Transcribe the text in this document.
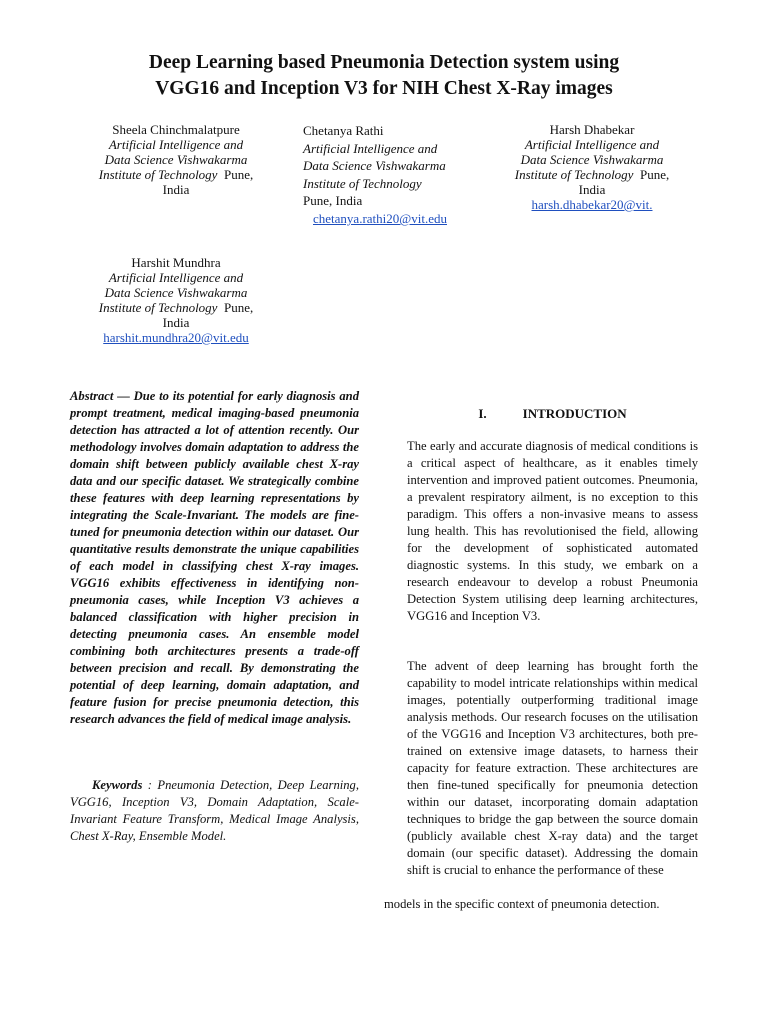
Deep Learning based Pneumonia Detection system using
VGG16 and Inception V3 for NIH Chest X-Ray images
Sheela Chinchmalatpure
Artificial Intelligence and
Data Science Vishwakarma
Institute of Technology Pune,
India
Chetanya Rathi
Artificial Intelligence and
Data Science Vishwakarma
Institute of Technology
Pune, India
chetanya.rathi20@vit.edu
Harsh Dhabekar
Artificial Intelligence and
Data Science Vishwakarma
Institute of Technology Pune,
India
harsh.dhabekar20@vit.
Harshit Mundhra
Artificial Intelligence and
Data Science Vishwakarma
Institute of Technology Pune,
India
harshit.mundhra20@vit.edu

Abstract — Due to its potential for early diagnosis and prompt treatment, medical imaging-based pneumonia detection has attracted a lot of attention recently. Our methodology involves domain adaptation to address the domain shift between publicly available chest X-ray data and our specific dataset. We strategically combine these features with deep learning representations by integrating the Scale-Invariant. The models are fine-tuned for pneumonia detection within our dataset. Our quantitative results demonstrate the unique capabilities of each model in classifying chest X-ray images. VGG16 exhibits effectiveness in identifying non-pneumonia cases, while Inception V3 achieves a balanced classification with higher precision in detecting pneumonia cases. An ensemble model combining both architectures presents a trade-off between precision and recall. By demonstrating the potential of deep learning, domain adaptation, and feature fusion for precise pneumonia detection, this research advances the field of medical image analysis.

Keywords : Pneumonia Detection, Deep Learning, VGG16, Inception V3, Domain Adaptation, Scale-Invariant Feature Transform, Medical Image Analysis, Chest X-Ray, Ensemble Model.

I.	INTRODUCTION

The early and accurate diagnosis of medical conditions is a critical aspect of healthcare, as it enables timely intervention and improved patient outcomes. Pneumonia, a prevalent respiratory ailment, is no exception to this paradigm. This offers a non-invasive means to assess lung health. This has revolutionised the field, allowing for the development of sophisticated automated diagnostic systems. In this study, we embark on a research endeavour to develop a robust Pneumonia Detection System utilising deep learning architectures, VGG16 and Inception V3.

The advent of deep learning has brought forth the capability to model intricate relationships within medical images, potentially outperforming traditional image analysis methods. Our research focuses on the utilisation of the VGG16 and Inception V3 architectures, both pre-trained on extensive image datasets, to harness their capacity for feature extraction. These architectures are then fine-tuned specifically for pneumonia detection within our dataset, incorporating domain adaptation techniques to bridge the gap between the source domain (publicly available chest X-ray data) and the target domain (our specific dataset). Addressing the domain shift is crucial to enhance the performance of these

models in the specific context of pneumonia detection.
